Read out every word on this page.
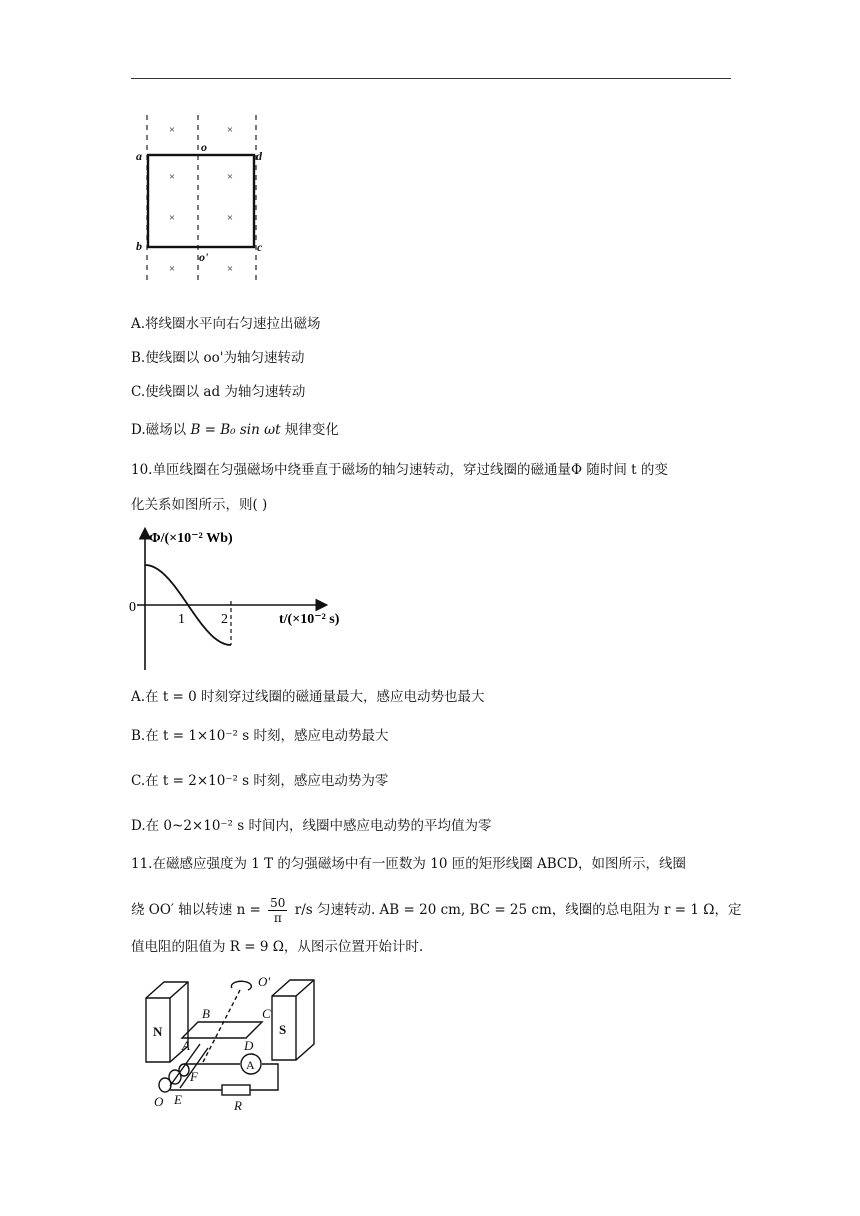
×	×
×	×
×	×
×	×
a	d
b	c
o
o'
A.将线圈水平向右匀速拉出磁场
B.使线圈以 oo'为轴匀速转动
C.使线圈以 ad 为轴匀速转动
D.磁场以 B = B₀ sin ωt 规律变化
10.单匝线圈在匀强磁场中绕垂直于磁场的轴匀速转动，穿过线圈的磁通量Φ 随时间 t 的变
化关系如图所示，则( )
Φ/(×10⁻² Wb)
t/(×10⁻² s)
0
1	2
A.在 t = 0 时刻穿过线圈的磁通量最大，感应电动势也最大
B.在 t = 1×10⁻² s 时刻，感应电动势最大
C.在 t = 2×10⁻² s 时刻，感应电动势为零
D.在 0~2×10⁻² s 时间内，线圈中感应电动势的平均值为零
11.在磁感应强度为 1 T 的匀强磁场中有一匝数为 10 匝的矩形线圈 ABCD，如图所示，线圈
绕 OO′ 轴以转速 $n = \frac{50}{\pi} r/s$ 匀速转动. AB = 20 cm, BC = 25 cm，线圈的总电阻为 r = 1 Ω，定
值电阻的阻值为 R = 9 Ω，从图示位置开始计时.
N	S
B	C
A	D
O′
F
E
O	R
A
